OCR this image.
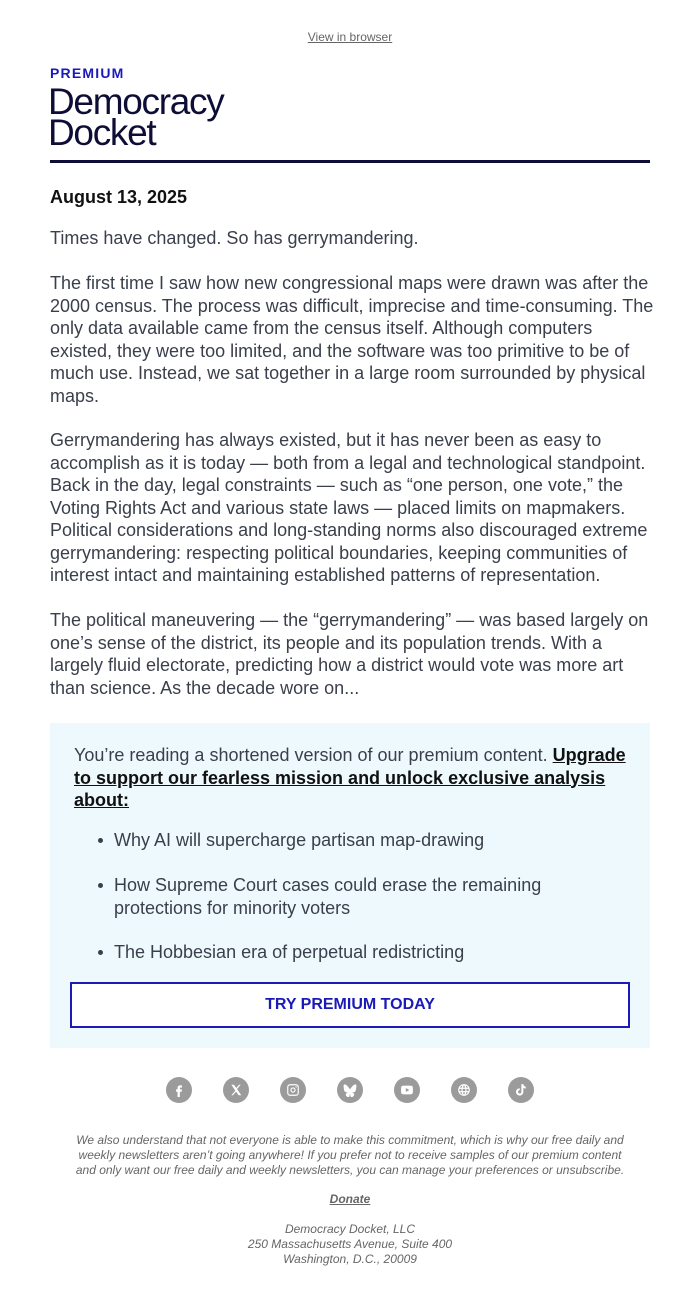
View in browser
PREMIUM
Democracy
Docket
August 13, 2025
Times have changed. So has gerrymandering.
The first time I saw how new congressional maps were drawn was after the 2000 census. The process was difficult, imprecise and time-consuming. The only data available came from the census itself. Although computers existed, they were too limited, and the software was too primitive to be of much use. Instead, we sat together in a large room surrounded by physical maps.
Gerrymandering has always existed, but it has never been as easy to accomplish as it is today — both from a legal and technological standpoint. Back in the day, legal constraints — such as “one person, one vote,” the Voting Rights Act and various state laws — placed limits on mapmakers. Political considerations and long-standing norms also discouraged extreme gerrymandering: respecting political boundaries, keeping communities of interest intact and maintaining established patterns of representation.
The political maneuvering — the “gerrymandering” — was based largely on one’s sense of the district, its people and its population trends. With a largely fluid electorate, predicting how a district would vote was more art than science. As the decade wore on...
You’re reading a shortened version of our premium content. Upgrade to support our fearless mission and unlock exclusive analysis about:
Why AI will supercharge partisan map-drawing
How Supreme Court cases could erase the remaining protections for minority voters
The Hobbesian era of perpetual redistricting
TRY PREMIUM TODAY
We also understand that not everyone is able to make this commitment, which is why our free daily and weekly newsletters aren’t going anywhere! If you prefer not to receive samples of our premium content and only want our free daily and weekly newsletters, you can manage your preferences or unsubscribe.
Donate
Democracy Docket, LLC
250 Massachusetts Avenue, Suite 400
Washington, D.C., 20009
